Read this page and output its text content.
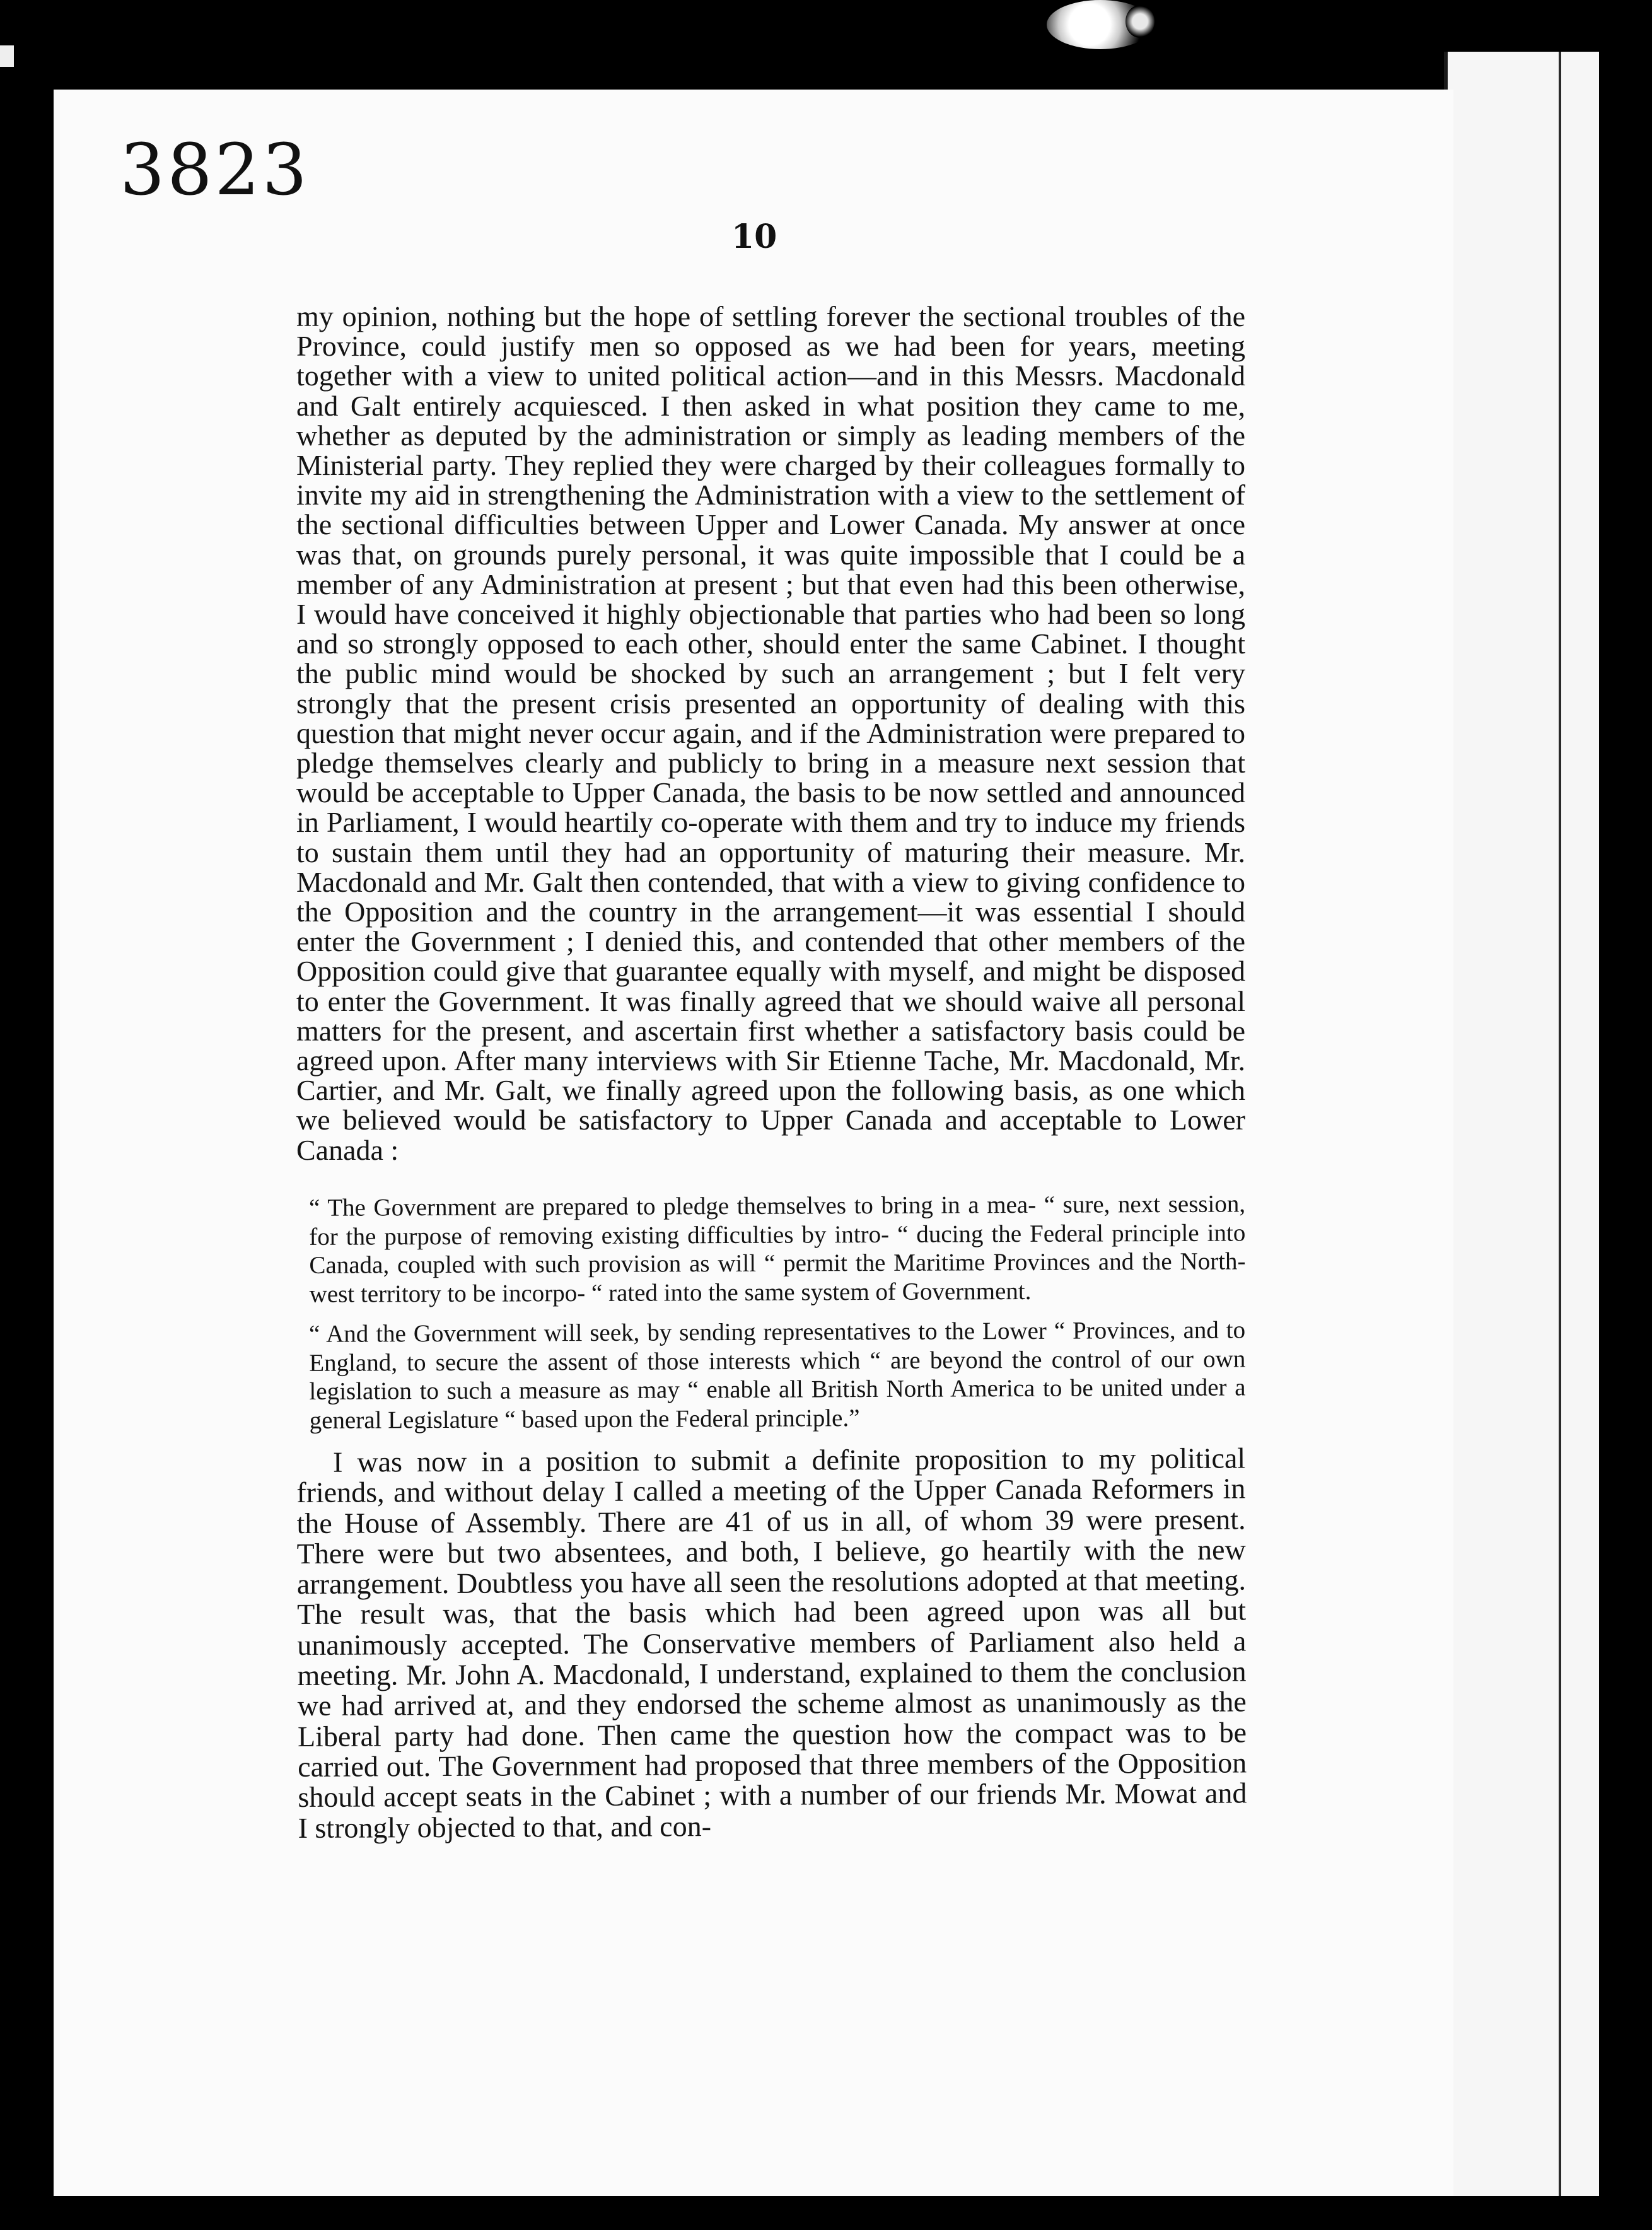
3823
10

my opinion, nothing but the hope of settling forever the sectional troubles of the Province, could justify men so opposed as we had been for years, meeting together with a view to united political action—and in this Messrs. Macdonald and Galt entirely acquiesced. I then asked in what position they came to me, whether as deputed by the administration or simply as leading members of the Ministerial party. They replied they were charged by their colleagues formally to invite my aid in strengthening the Administration with a view to the settlement of the sectional difficulties between Upper and Lower Canada. My answer at once was that, on grounds purely personal, it was quite impossible that I could be a member of any Administration at present ; but that even had this been otherwise, I would have conceived it highly objectionable that parties who had been so long and so strongly opposed to each other, should enter the same Cabinet. I thought the public mind would be shocked by such an arrangement ; but I felt very strongly that the present crisis presented an opportunity of dealing with this question that might never occur again, and if the Administration were prepared to pledge themselves clearly and publicly to bring in a measure next session that would be acceptable to Upper Canada, the basis to be now settled and announced in Parliament, I would heartily co-operate with them and try to induce my friends to sustain them until they had an opportunity of maturing their measure. Mr. Macdonald and Mr. Galt then contended, that with a view to giving confidence to the Opposition and the country in the arrangement—it was essential I should enter the Government ; I denied this, and contended that other members of the Opposition could give that guarantee equally with myself, and might be disposed to enter the Government. It was finally agreed that we should waive all personal matters for the present, and ascertain first whether a satisfactory basis could be agreed upon. After many interviews with Sir Etienne Tache, Mr. Macdonald, Mr. Cartier, and Mr. Galt, we finally agreed upon the following basis, as one which we believed would be satisfactory to Upper Canada and acceptable to Lower Canada :

“ The Government are prepared to pledge themselves to bring in a mea- “ sure, next session, for the purpose of removing existing difficulties by intro- “ ducing the Federal principle into Canada, coupled with such provision as will “ permit the Maritime Provinces and the North-west territory to be incorpo- “ rated into the same system of Government.

“ And the Government will seek, by sending representatives to the Lower “ Provinces, and to England, to secure the assent of those interests which “ are beyond the control of our own legislation to such a measure as may “ enable all British North America to be united under a general Legislature “ based upon the Federal principle.”

I was now in a position to submit a definite proposition to my political friends, and without delay I called a meeting of the Upper Canada Reformers in the House of Assembly. There are 41 of us in all, of whom 39 were present. There were but two absentees, and both, I believe, go heartily with the new arrangement. Doubtless you have all seen the resolutions adopted at that meeting. The result was, that the basis which had been agreed upon was all but unanimously accepted. The Conservative members of Parliament also held a meeting. Mr. John A. Macdonald, I understand, explained to them the conclusion we had arrived at, and they endorsed the scheme almost as unanimously as the Liberal party had done. Then came the question how the compact was to be carried out. The Government had proposed that three members of the Opposition should accept seats in the Cabinet ; with a number of our friends Mr. Mowat and I strongly objected to that, and con-
